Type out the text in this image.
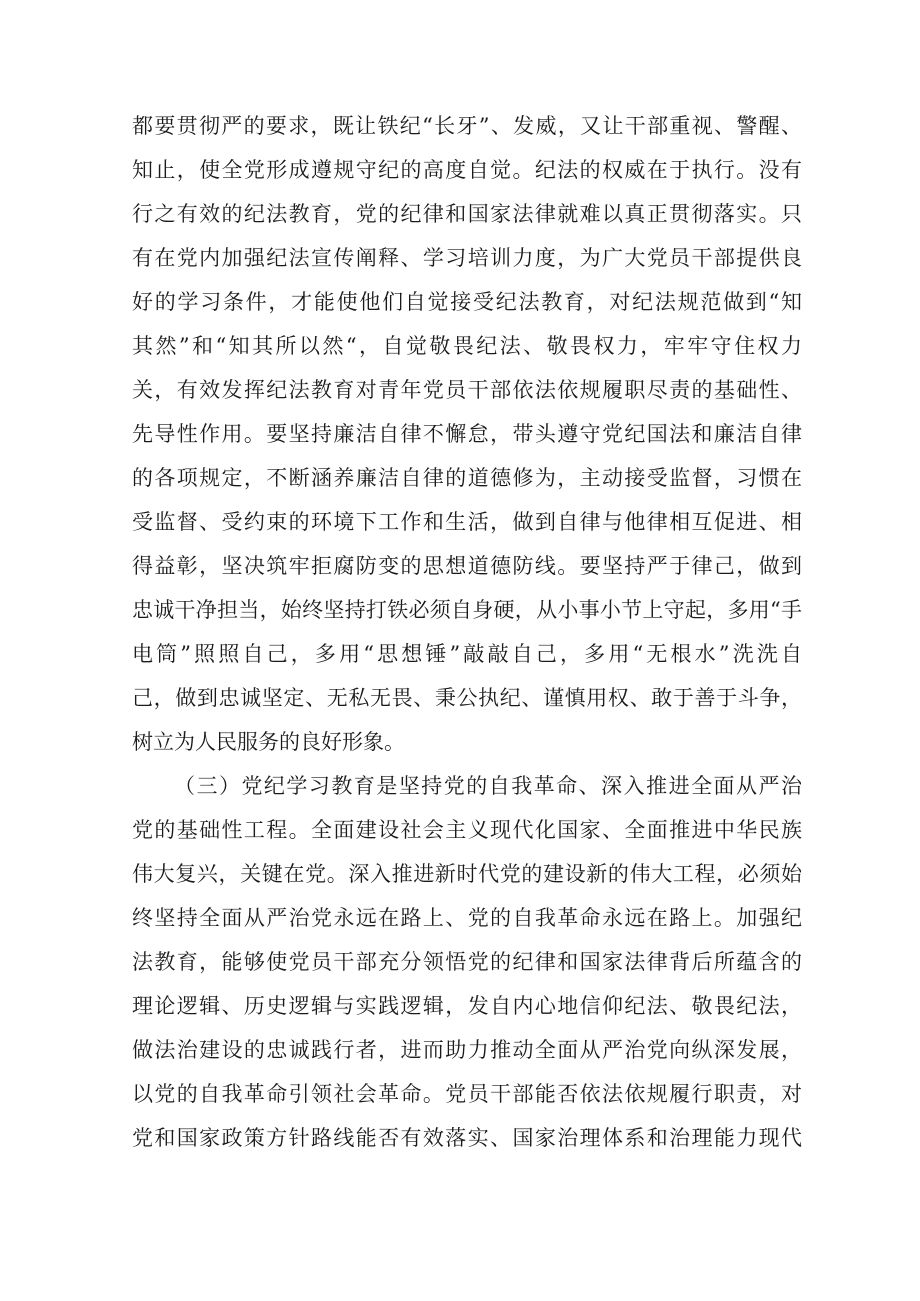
都要贯彻严的要求，既让铁纪“长牙”、发威，又让干部重视、警醒、
知止，使全党形成遵规守纪的高度自觉。纪法的权威在于执行。没有
行之有效的纪法教育，党的纪律和国家法律就难以真正贯彻落实。只
有在党内加强纪法宣传阐释、学习培训力度，为广大党员干部提供良
好的学习条件，才能使他们自觉接受纪法教育，对纪法规范做到“知
其然”和“知其所以然“，自觉敬畏纪法、敬畏权力，牢牢守住权力
关，有效发挥纪法教育对青年党员干部依法依规履职尽责的基础性、
先导性作用。要坚持廉洁自律不懈怠，带头遵守党纪国法和廉洁自律
的各项规定，不断涵养廉洁自律的道德修为，主动接受监督，习惯在
受监督、受约束的环境下工作和生活，做到自律与他律相互促进、相
得益彰，坚决筑牢拒腐防变的思想道德防线。要坚持严于律己，做到
忠诚干净担当，始终坚持打铁必须自身硬，从小事小节上守起，多用“手
电筒”照照自己，多用“思想锤”敲敲自己，多用“无根水”洗洗自
己，做到忠诚坚定、无私无畏、秉公执纪、谨慎用权、敢于善于斗争，
树立为人民服务的良好形象。
（三）党纪学习教育是坚持党的自我革命、深入推进全面从严治
党的基础性工程。全面建设社会主义现代化国家、全面推进中华民族
伟大复兴，关键在党。深入推进新时代党的建设新的伟大工程，必须始
终坚持全面从严治党永远在路上、党的自我革命永远在路上。加强纪
法教育，能够使党员干部充分领悟党的纪律和国家法律背后所蕴含的
理论逻辑、历史逻辑与实践逻辑，发自内心地信仰纪法、敬畏纪法，
做法治建设的忠诚践行者，进而助力推动全面从严治党向纵深发展，
以党的自我革命引领社会革命。党员干部能否依法依规履行职责，对
党和国家政策方针路线能否有效落实、国家治理体系和治理能力现代
